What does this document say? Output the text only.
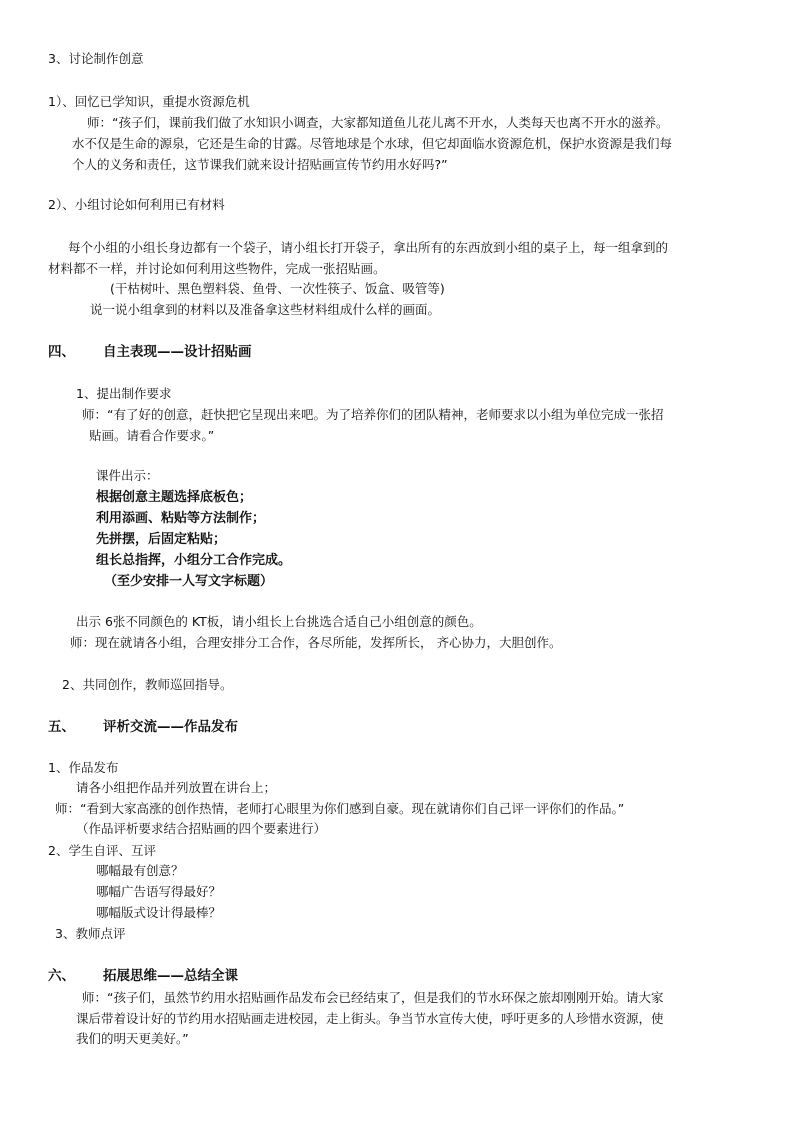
3、讨论制作创意
1）、回忆已学知识，重提水资源危机
师：“孩子们，课前我们做了水知识小调查，大家都知道鱼儿花儿离不开水，人类每天也离不开水的滋养。
水不仅是生命的源泉，它还是生命的甘露。尽管地球是个水球，但它却面临水资源危机，保护水资源是我们每
个人的义务和责任，这节课我们就来设计招贴画宣传节约用水好吗?”
2）、小组讨论如何利用已有材料
每个小组的小组长身边都有一个袋子，请小组长打开袋子，拿出所有的东西放到小组的桌子上，每一组拿到的
材料都不一样，并讨论如何利用这些物件，完成一张招贴画。
(干枯树叶、黑色塑料袋、鱼骨、一次性筷子、饭盒、吸管等)
说一说小组拿到的材料以及准备拿这些材料组成什么样的画面。
四、 自主表现——设计招贴画
1、提出制作要求
师：“有了好的创意，赶快把它呈现出来吧。为了培养你们的团队精神，老师要求以小组为单位完成一张招
贴画。请看合作要求。”
课件出示：
根据创意主题选择底板色；
利用添画、粘贴等方法制作；
先拼摆，后固定粘贴；
组长总指挥，小组分工合作完成。
（至少安排一人写文字标题）
出示 6张不同颜色的 KT板，请小组长上台挑选合适自己小组创意的颜色。
师：现在就请各小组，合理安排分工合作，各尽所能，发挥所长， 齐心协力，大胆创作。
2、共同创作，教师巡回指导。
五、 评析交流——作品发布
1、作品发布
请各小组把作品并列放置在讲台上；
师：“看到大家高涨的创作热情，老师打心眼里为你们感到自豪。现在就请你们自己评一评你们的作品。”
（作品评析要求结合招贴画的四个要素进行）
2、学生自评、互评
哪幅最有创意？
哪幅广告语写得最好？
哪幅版式设计得最棒？
3、教师点评
六、 拓展思维——总结全课
师：“孩子们，虽然节约用水招贴画作品发布会已经结束了，但是我们的节水环保之旅却刚刚开始。请大家
课后带着设计好的节约用水招贴画走进校园，走上街头。争当节水宣传大使，呼吁更多的人珍惜水资源，使
我们的明天更美好。”
